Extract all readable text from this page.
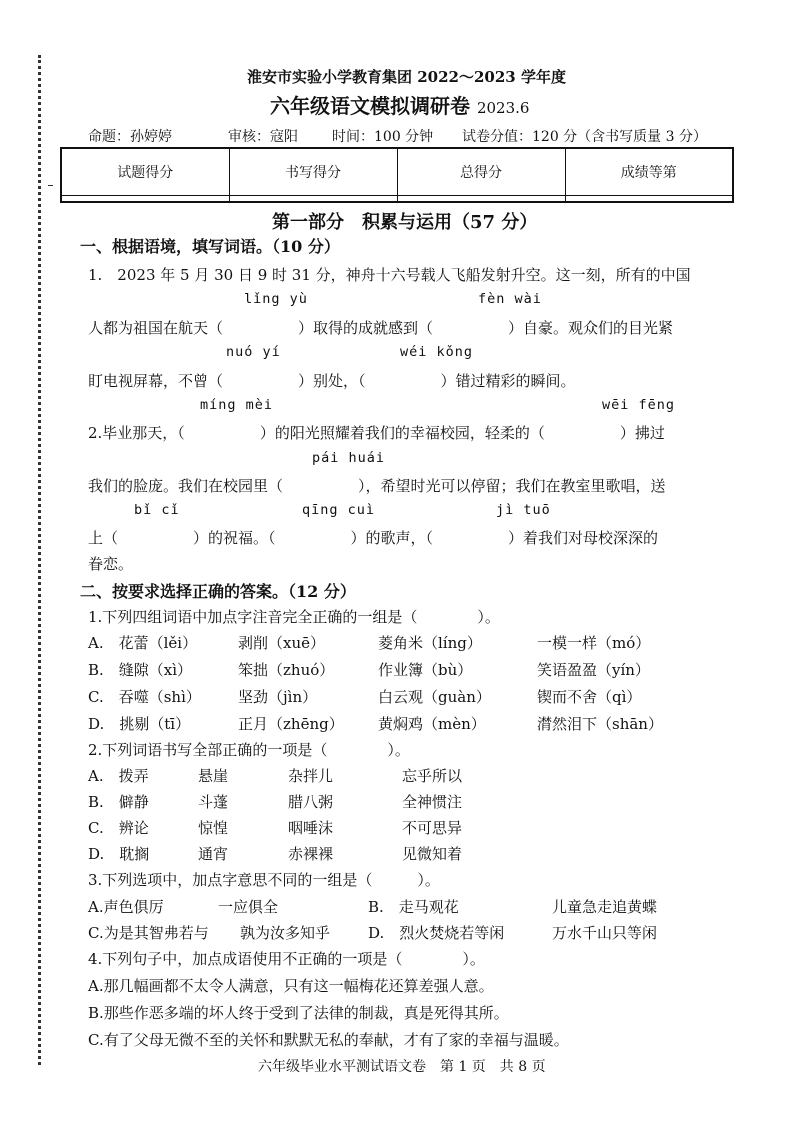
淮安市实验小学教育集团 2022～2023 学年度
六年级语文模拟调研卷 2023.6
命题：孙婷婷	审核：寇阳 时间：100 分钟 试卷分值：120 分（含书写质量 3 分）
试题得分	书写得分	总得分	成绩等第

第一部分　积累与运用（57 分）
一、根据语境，填写词语。（10 分）
1.　2023 年 5 月 30 日 9 时 31 分，神舟十六号载人飞船发射升空。这一刻，所有的中国
lǐng yù	fèn wài
人都为祖国在航天（　　　　　）取得的成就感到（　　　　　）自豪。观众们的目光紧
nuó yí	wéi kǒng
盯电视屏幕，不曾（　　　　　）别处，（　　　　　）错过精彩的瞬间。
míng mèi	wēi fēng
2.毕业那天，（　　　　　）的阳光照耀着我们的幸福校园，轻柔的（　　　　　）拂过
pái huái
我们的脸庞。我们在校园里（　　　　　），希望时光可以停留；我们在教室里歌唱，送
bǐ cǐ	qīng cuì	jì tuō
上（　　　　　）的祝福。（　　　　　）的歌声，（　　　　　）着我们对母校深深的
眷恋。
二、按要求选择正确的答案。（12 分）
1.下列四组词语中加点字注音完全正确的一组是（　　　　）。
A.　花蕾（lěi）	剥削（xuē）	菱角米（líng）	一模一样（mó）
B.　缝隙（xì）	笨拙（zhuó）	作业簿（bù）	笑语盈盈（yín）
C.　吞噬（shì） 坚劲（jìn）	白云观（guàn）	锲而不舍（qì）
D.　挑剔（tī）	正月（zhēng） 黄焖鸡（mèn）	潸然泪下（shān）
2.下列词语书写全部正确的一项是（　　　　）。
A.　拨弄	悬崖	杂拌儿	忘乎所以
B.　僻静	斗蓬	腊八粥	全神惯注
C.　辨论	惊惶	咽唾沫	不可思异
D.　耽搁	通宵	赤裸裸	见微知着
3.下列选项中，加点字意思不同的一组是（　　　）。
A.声色俱厉	一应俱全	B.　走马观花	儿童急走追黄蝶
C.为是其智弗若与 孰为汝多知乎	D.　烈火焚烧若等闲	万水千山只等闲
4.下列句子中，加点成语使用不正确的一项是（　　　　）。
A.那几幅画都不太令人满意，只有这一幅梅花还算差强人意。
B.那些作恶多端的坏人终于受到了法律的制裁，真是死得其所。
C.有了父母无微不至的关怀和默默无私的奉献，才有了家的幸福与温暖。
六年级毕业水平测试语文卷　第 1 页　共 8 页
